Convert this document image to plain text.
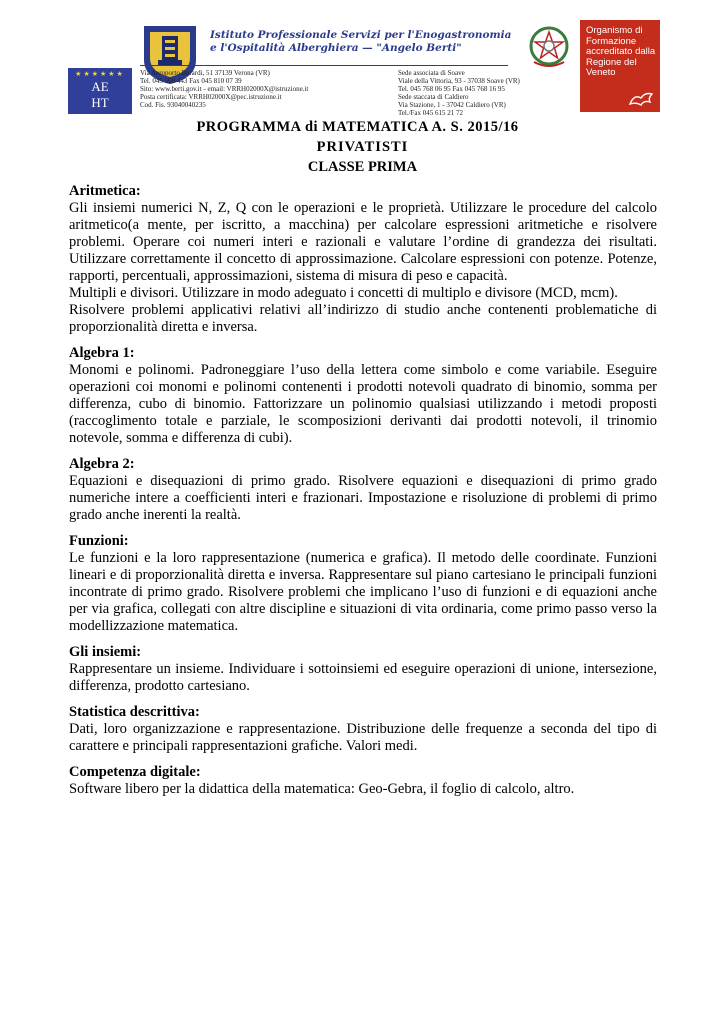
★★★★★★
AE
HT
Istituto Professionale Servizi per l'Enogastronomia
e l'Ospitalità Alberghiera — "Angelo Berti"
Via Aeroporto Berardi, 51 37139 Verona (VR)
Tel. 045 569 443 Fax 045 810 07 39
Sito: www.berti.gov.it - email: VRRH02000X@istruzione.it
Posta certificata: VRRH02000X@pec.istruzione.it
Cod. Fis. 93040040235
Sede associata di Soave
Viale della Vittoria, 93 - 37038 Soave (VR)
Tel. 045 768 06 95 Fax 045 768 16 95
Sede staccata di Caldiero
Via Stazione, 1 - 37042 Caldiero (VR)
Tel./Fax 045 615 21 72
Organismo di Formazione accreditato dalla Regione del Veneto
PROGRAMMA di MATEMATICA A. S. 2015/16
PRIVATISTI
CLASSE PRIMA
Aritmetica:

Gli insiemi numerici N, Z, Q con le operazioni e le proprietà. Utilizzare le procedure del calcolo aritmetico(a mente, per iscritto, a macchina) per calcolare espressioni aritmetiche e risolvere problemi. Operare coi numeri interi e razionali e valutare l’ordine di grandezza dei risultati. Utilizzare correttamente il concetto di approssimazione. Calcolare espressioni con potenze. Potenze, rapporti, percentuali, approssimazioni, sistema di misura di peso e capacità.

Multipli e divisori. Utilizzare in modo adeguato i concetti di multiplo e divisore (MCD, mcm).

Risolvere problemi applicativi relativi all’indirizzo di studio anche contenenti problematiche di proporzionalità diretta e inversa.

Algebra 1:

Monomi e polinomi. Padroneggiare l’uso della lettera come simbolo e come variabile. Eseguire operazioni coi monomi e polinomi contenenti i prodotti notevoli quadrato di binomio, somma per differenza, cubo di binomio. Fattorizzare un polinomio qualsiasi utilizzando i metodi proposti (raccoglimento totale e parziale, le scomposizioni derivanti dai prodotti notevoli, il trinomio notevole, somma e differenza di cubi).

Algebra 2:

Equazioni e disequazioni di primo grado. Risolvere equazioni e disequazioni di primo grado numeriche intere a coefficienti interi e frazionari. Impostazione e risoluzione di problemi di primo grado anche inerenti la realtà.

Funzioni:

Le funzioni e la loro rappresentazione (numerica e grafica). Il metodo delle coordinate. Funzioni lineari e di proporzionalità diretta e inversa. Rappresentare sul piano cartesiano le principali funzioni incontrate di primo grado. Risolvere problemi che implicano l’uso di funzioni e di equazioni anche per via grafica, collegati con altre discipline e situazioni di vita ordinaria, come primo passo verso la modellizzazione matematica.

Gli insiemi:

Rappresentare un insieme. Individuare i sottoinsiemi ed eseguire operazioni di unione, intersezione, differenza, prodotto cartesiano.

Statistica descrittiva:

Dati, loro organizzazione e rappresentazione. Distribuzione delle frequenze a seconda del tipo di carattere e principali rappresentazioni grafiche. Valori medi.

Competenza digitale:

Software libero per la didattica della matematica: Geo-Gebra, il foglio di calcolo, altro.
